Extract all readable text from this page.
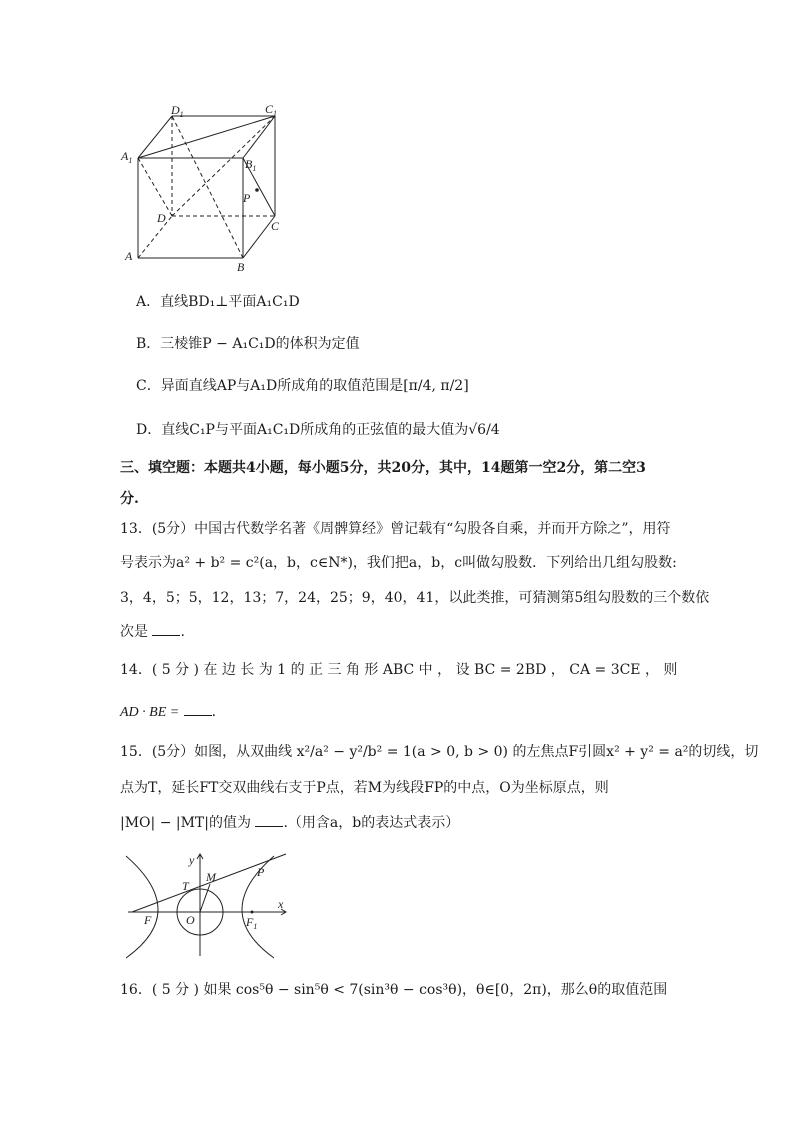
$D_1$	$C_1$
$A_1$	$B_1$
P
D
C
A
B
A．直线BD₁⊥平面A₁C₁D
B．三棱锥P − A₁C₁D的体积为定值
C．异面直线AP与A₁D所成角的取值范围是[π/4, π/2]
D．直线C₁P与平面A₁C₁D所成角的正弦值的最大值为√6/4
三、填空题：本题共4小题，每小题5分，共20分，其中，14题第一空2分，第二空3
分.
13．(5分）中国古代数学名著《周髀算经》曾记载有“勾股各自乘，并而开方除之”，用符
号表示为a² + b² = c²(a，b，c∈N*)，我们把a，b，c叫做勾股数．下列给出几组勾股数:
3，4，5；5，12，13；7，24，25；9，40，41，以此类推，可猜测第5组勾股数的三个数依
次是 .
14．( 5 分 ) 在 边 长 为 1 的 正 三 角 形 ABC 中 ， 设 BC = 2BD ， CA = 3CE ， 则
AD · BE = .
15．(5分）如图，从双曲线 x²/a² − y²/b² = 1(a > 0, b > 0) 的左焦点F引圆x² + y² = a²的切线，切
点为T，延长FT交双曲线右支于P点，若M为线段FP的中点，O为坐标原点，则
|MO| − |MT|的值为 .（用含a，b的表达式表示）
y
x
P
M
T
F	O	$F_1$
16．( 5 分 ) 如果 cos⁵θ − sin⁵θ < 7(sin³θ − cos³θ)，θ∈[0，2π)，那么θ的取值范围
